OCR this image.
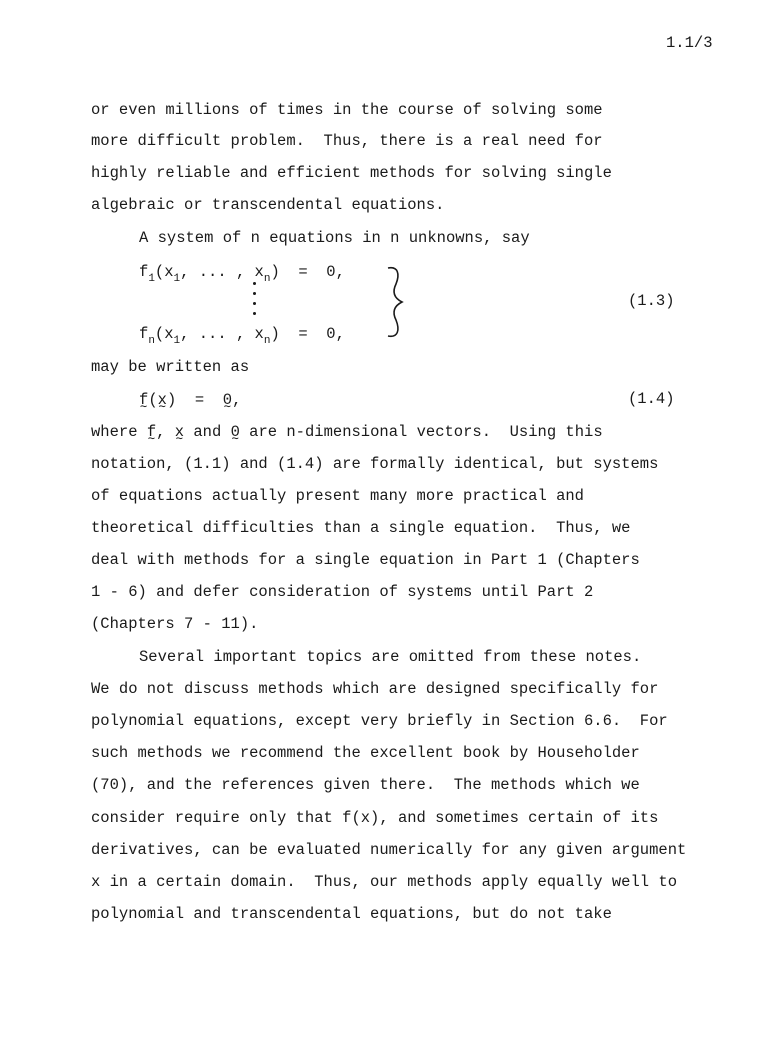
1.1/3
or even millions of times in the course of solving some
more difficult problem.  Thus, there is a real need for
highly reliable and efficient methods for solving single
algebraic or transcendental equations.
A system of n equations in n unknowns, say
$f_1(x_1$, ... , $x_n) = 0$,
$f_n(x_1$, ... , $x_n) = 0$,
(1.3)
may be written as
f ∼(x ∼)  =  0 ∼,	(1.4)
where f ∼, x ∼ and 0 ∼ are n-dimensional vectors.  Using this
notation, (1.1) and (1.4) are formally identical, but systems
of equations actually present many more practical and
theoretical difficulties than a single equation.  Thus, we
deal with methods for a single equation in Part 1 (Chapters
1 - 6) and defer consideration of systems until Part 2
(Chapters 7 - 11).
Several important topics are omitted from these notes.
We do not discuss methods which are designed specifically for
polynomial equations, except very briefly in Section 6.6.  For
such methods we recommend the excellent book by Householder
(70), and the references given there.  The methods which we
consider require only that f(x), and sometimes certain of its
derivatives, can be evaluated numerically for any given argument
x in a certain domain.  Thus, our methods apply equally well to
polynomial and transcendental equations, but do not take
